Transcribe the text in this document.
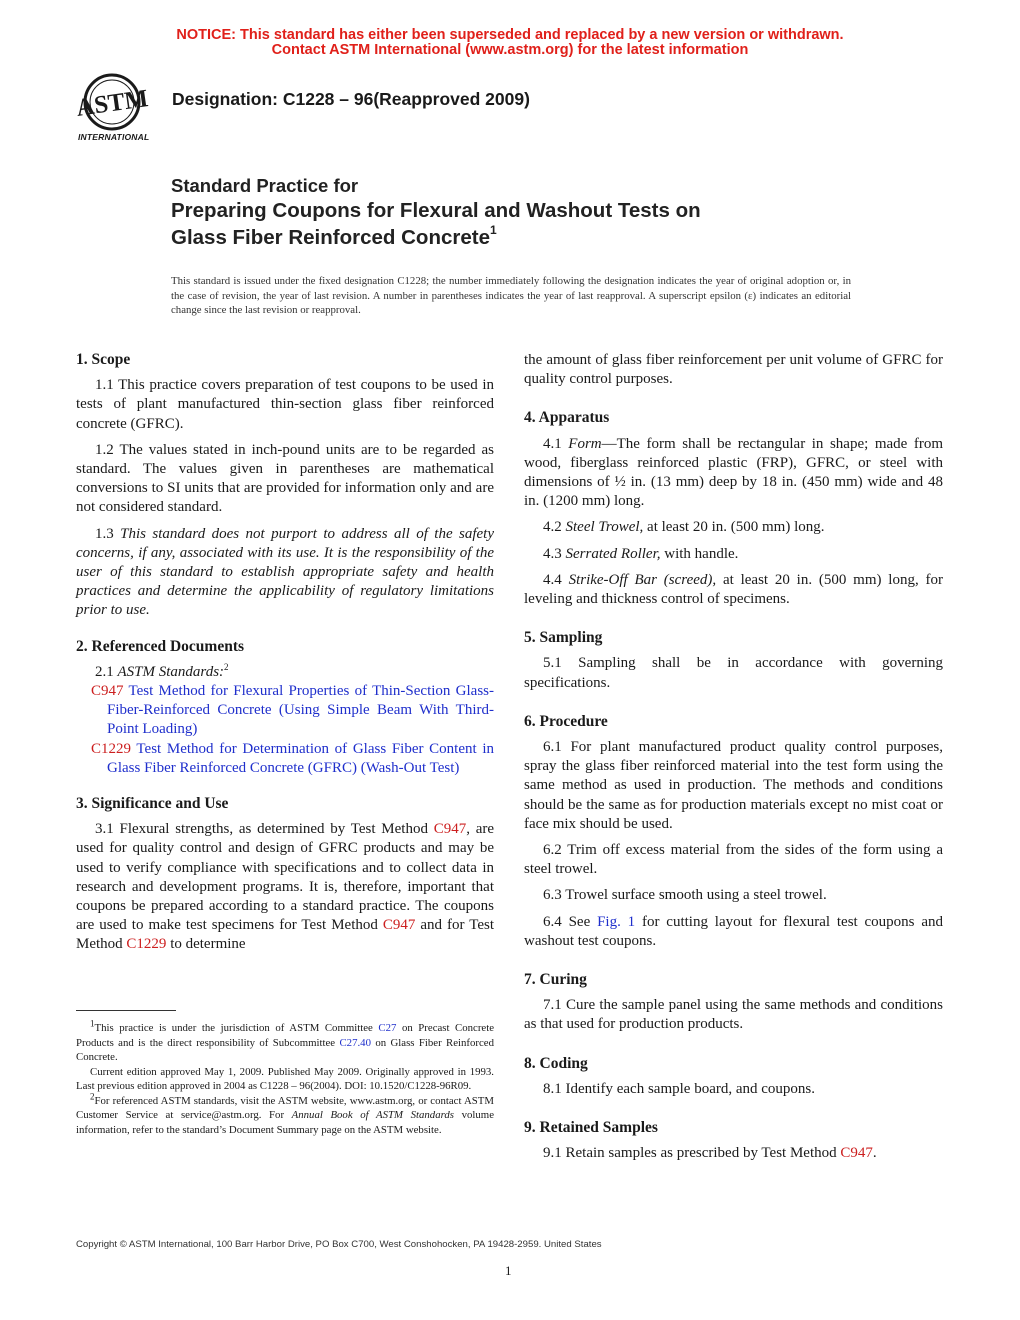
NOTICE: This standard has either been superseded and replaced by a new version or withdrawn.
Contact ASTM International (www.astm.org) for the latest information
ASTM
INTERNATIONAL
Designation: C1228 – 96(Reapproved 2009)
Standard Practice for
Preparing Coupons for Flexural and Washout Tests on
Glass Fiber Reinforced Concrete$^1$
This standard is issued under the fixed designation C1228; the number immediately following the designation indicates the year of original adoption or, in the case of revision, the year of last revision. A number in parentheses indicates the year of last reapproval. A superscript epsilon (ε) indicates an editorial change since the last revision or reapproval.

1. Scope

1.1 This practice covers preparation of test coupons to be used in tests of plant manufactured thin-section glass fiber reinforced concrete (GFRC).

1.2 The values stated in inch-pound units are to be regarded as standard. The values given in parentheses are mathematical conversions to SI units that are provided for information only and are not considered standard.

1.3 This standard does not purport to address all of the safety concerns, if any, associated with its use. It is the responsibility of the user of this standard to establish appropriate safety and health practices and determine the applicability of regulatory limitations prior to use.

2. Referenced Documents

2.1 ASTM Standards:$^2$

C947 Test Method for Flexural Properties of Thin-Section Glass-Fiber-Reinforced Concrete (Using Simple Beam With Third-Point Loading)

C1229 Test Method for Determination of Glass Fiber Content in Glass Fiber Reinforced Concrete (GFRC) (Wash-Out Test)

3. Significance and Use

3.1 Flexural strengths, as determined by Test Method C947, are used for quality control and design of GFRC products and may be used to verify compliance with specifications and to collect data in research and development programs. It is, therefore, important that coupons be prepared according to a standard practice. The coupons are used to make test specimens for Test Method C947 and for Test Method C1229 to determine

$^1$This practice is under the jurisdiction of ASTM Committee C27 on Precast Concrete Products and is the direct responsibility of Subcommittee C27.40 on Glass Fiber Reinforced Concrete.

Current edition approved May 1, 2009. Published May 2009. Originally approved in 1993. Last previous edition approved in 2004 as C1228 – 96(2004). DOI: 10.1520/C1228-96R09.

$^2$For referenced ASTM standards, visit the ASTM website, www.astm.org, or contact ASTM Customer Service at service@astm.org. For Annual Book of ASTM Standards volume information, refer to the standard’s Document Summary page on the ASTM website.

the amount of glass fiber reinforcement per unit volume of GFRC for quality control purposes.

4. Apparatus

4.1 Form—The form shall be rectangular in shape; made from wood, fiberglass reinforced plastic (FRP), GFRC, or steel with dimensions of ½ in. (13 mm) deep by 18 in. (450 mm) wide and 48 in. (1200 mm) long.

4.2 Steel Trowel, at least 20 in. (500 mm) long.

4.3 Serrated Roller, with handle.

4.4 Strike-Off Bar (screed), at least 20 in. (500 mm) long, for leveling and thickness control of specimens.

5. Sampling

5.1 Sampling shall be in accordance with governing specifications.

6. Procedure

6.1 For plant manufactured product quality control purposes, spray the glass fiber reinforced material into the test form using the same method as used in production. The methods and conditions should be the same as for production materials except no mist coat or face mix should be used.

6.2 Trim off excess material from the sides of the form using a steel trowel.

6.3 Trowel surface smooth using a steel trowel.

6.4 See Fig. 1 for cutting layout for flexural test coupons and washout test coupons.

7. Curing

7.1 Cure the sample panel using the same methods and conditions as that used for production products.

8. Coding

8.1 Identify each sample board, and coupons.

9. Retained Samples

9.1 Retain samples as prescribed by Test Method C947.

Copyright © ASTM International, 100 Barr Harbor Drive, PO Box C700, West Conshohocken, PA 19428-2959. United States
1
